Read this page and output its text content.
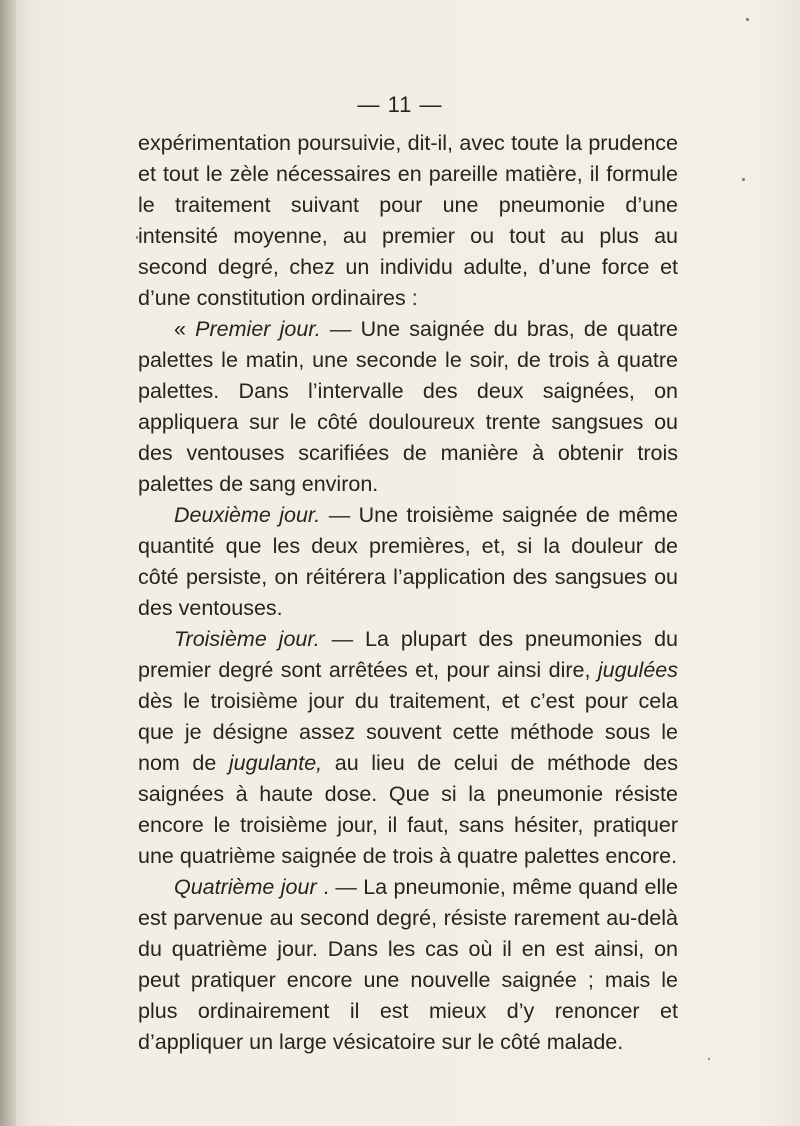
— 11 —

expérimentation poursuivie, dit-il, avec toute la prudence et tout le zèle nécessaires en pareille matière, il formule le traitement suivant pour une pneumonie d’une intensité moyenne, au premier ou tout au plus au second degré, chez un individu adulte, d’une force et d’une constitution ordinaires :

« Premier jour. — Une saignée du bras, de quatre palettes le matin, une seconde le soir, de trois à quatre palettes. Dans l’intervalle des deux saignées, on appliquera sur le côté douloureux trente sangsues ou des ventouses scarifiées de manière à obtenir trois palettes de sang environ.

Deuxième jour. — Une troisième saignée de même quantité que les deux premières, et, si la douleur de côté persiste, on réitérera l’application des sangsues ou des ventouses.

Troisième jour. — La plupart des pneumonies du premier degré sont arrêtées et, pour ainsi dire, jugulées dès le troisième jour du traitement, et c’est pour cela que je désigne assez souvent cette méthode sous le nom de jugulante, au lieu de celui de méthode des saignées à haute dose. Que si la pneumonie résiste encore le troisième jour, il faut, sans hésiter, pratiquer une quatrième saignée de trois à quatre palettes encore.

Quatrième jour . — La pneumonie, même quand elle est parvenue au second degré, résiste rarement au-delà du quatrième jour. Dans les cas où il en est ainsi, on peut pratiquer encore une nouvelle saignée ; mais le plus ordinairement il est mieux d’y renoncer et d’appliquer un large vésicatoire sur le côté malade.
